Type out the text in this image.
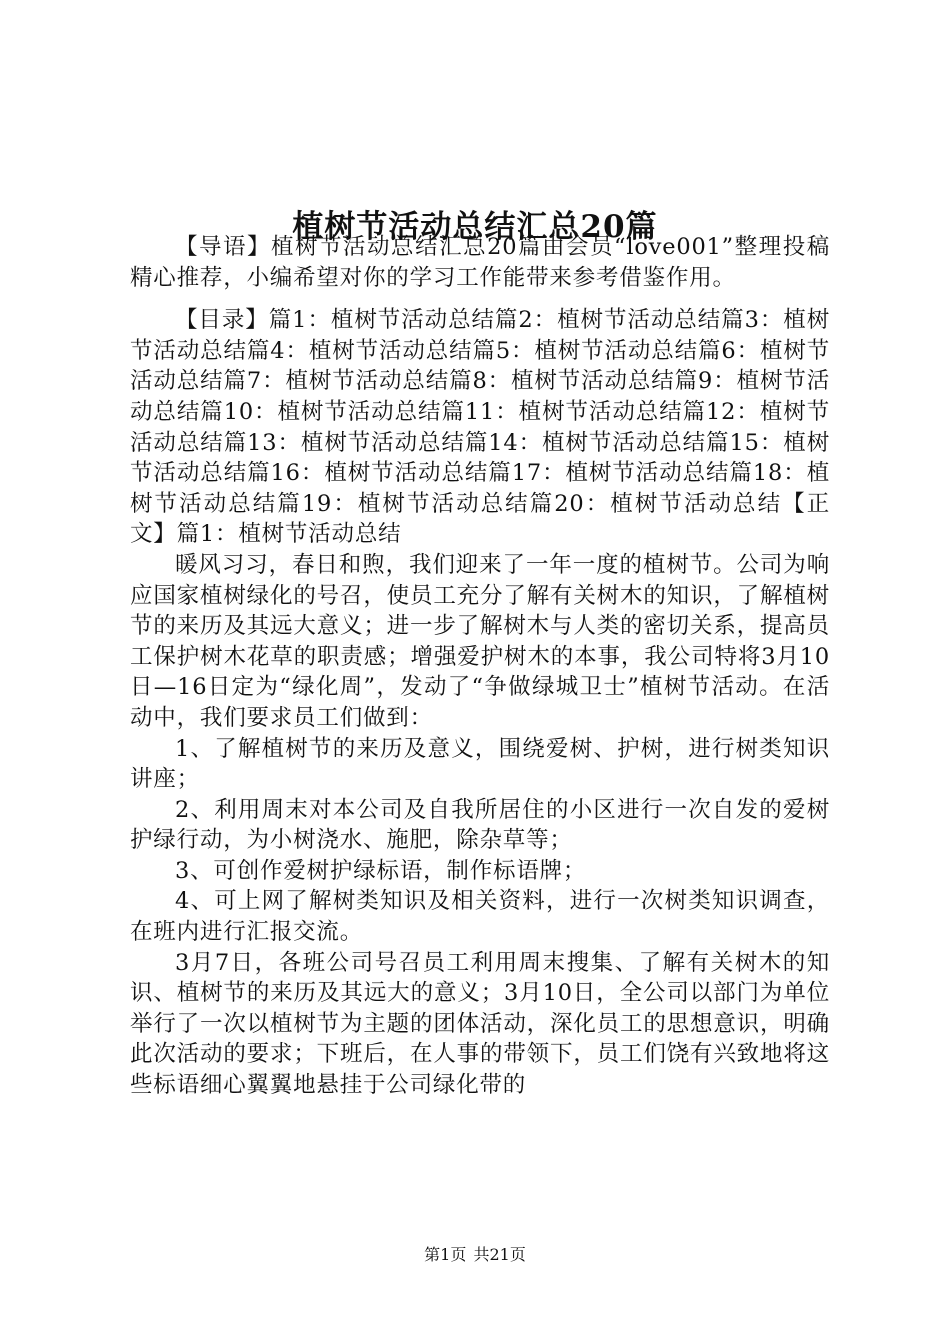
植树节活动总结汇总20篇

【导语】植树节活动总结汇总20篇由会员“love001”整理投稿精心推荐，小编希望对你的学习工作能带来参考借鉴作用。

【目录】篇1：植树节活动总结篇2：植树节活动总结篇3：植树节活动总结篇4：植树节活动总结篇5：植树节活动总结篇6：植树节活动总结篇7：植树节活动总结篇8：植树节活动总结篇9：植树节活动总结篇10：植树节活动总结篇11：植树节活动总结篇12：植树节活动总结篇13：植树节活动总结篇14：植树节活动总结篇15：植树节活动总结篇16：植树节活动总结篇17：植树节活动总结篇18：植树节活动总结篇19：植树节活动总结篇20：植树节活动总结【正文】篇1：植树节活动总结

暖风习习，春日和煦，我们迎来了一年一度的植树节。公司为响应国家植树绿化的号召，使员工充分了解有关树木的知识，了解植树节的来历及其远大意义；进一步了解树木与人类的密切关系，提高员工保护树木花草的职责感；增强爱护树木的本事，我公司特将3月10日—16日定为“绿化周”，发动了“争做绿城卫士”植树节活动。在活动中，我们要求员工们做到：

1、了解植树节的来历及意义，围绕爱树、护树，进行树类知识讲座；

2、利用周末对本公司及自我所居住的小区进行一次自发的爱树护绿行动，为小树浇水、施肥，除杂草等；

3、可创作爱树护绿标语，制作标语牌；

4、可上网了解树类知识及相关资料，进行一次树类知识调查，在班内进行汇报交流。

3月7日，各班公司号召员工利用周末搜集、了解有关树木的知识、植树节的来历及其远大的意义；3月10日，全公司以部门为单位举行了一次以植树节为主题的团体活动，深化员工的思想意识，明确此次活动的要求；下班后，在人事的带领下，员工们饶有兴致地将这些标语细心翼翼地悬挂于公司绿化带的

第1页 共21页
